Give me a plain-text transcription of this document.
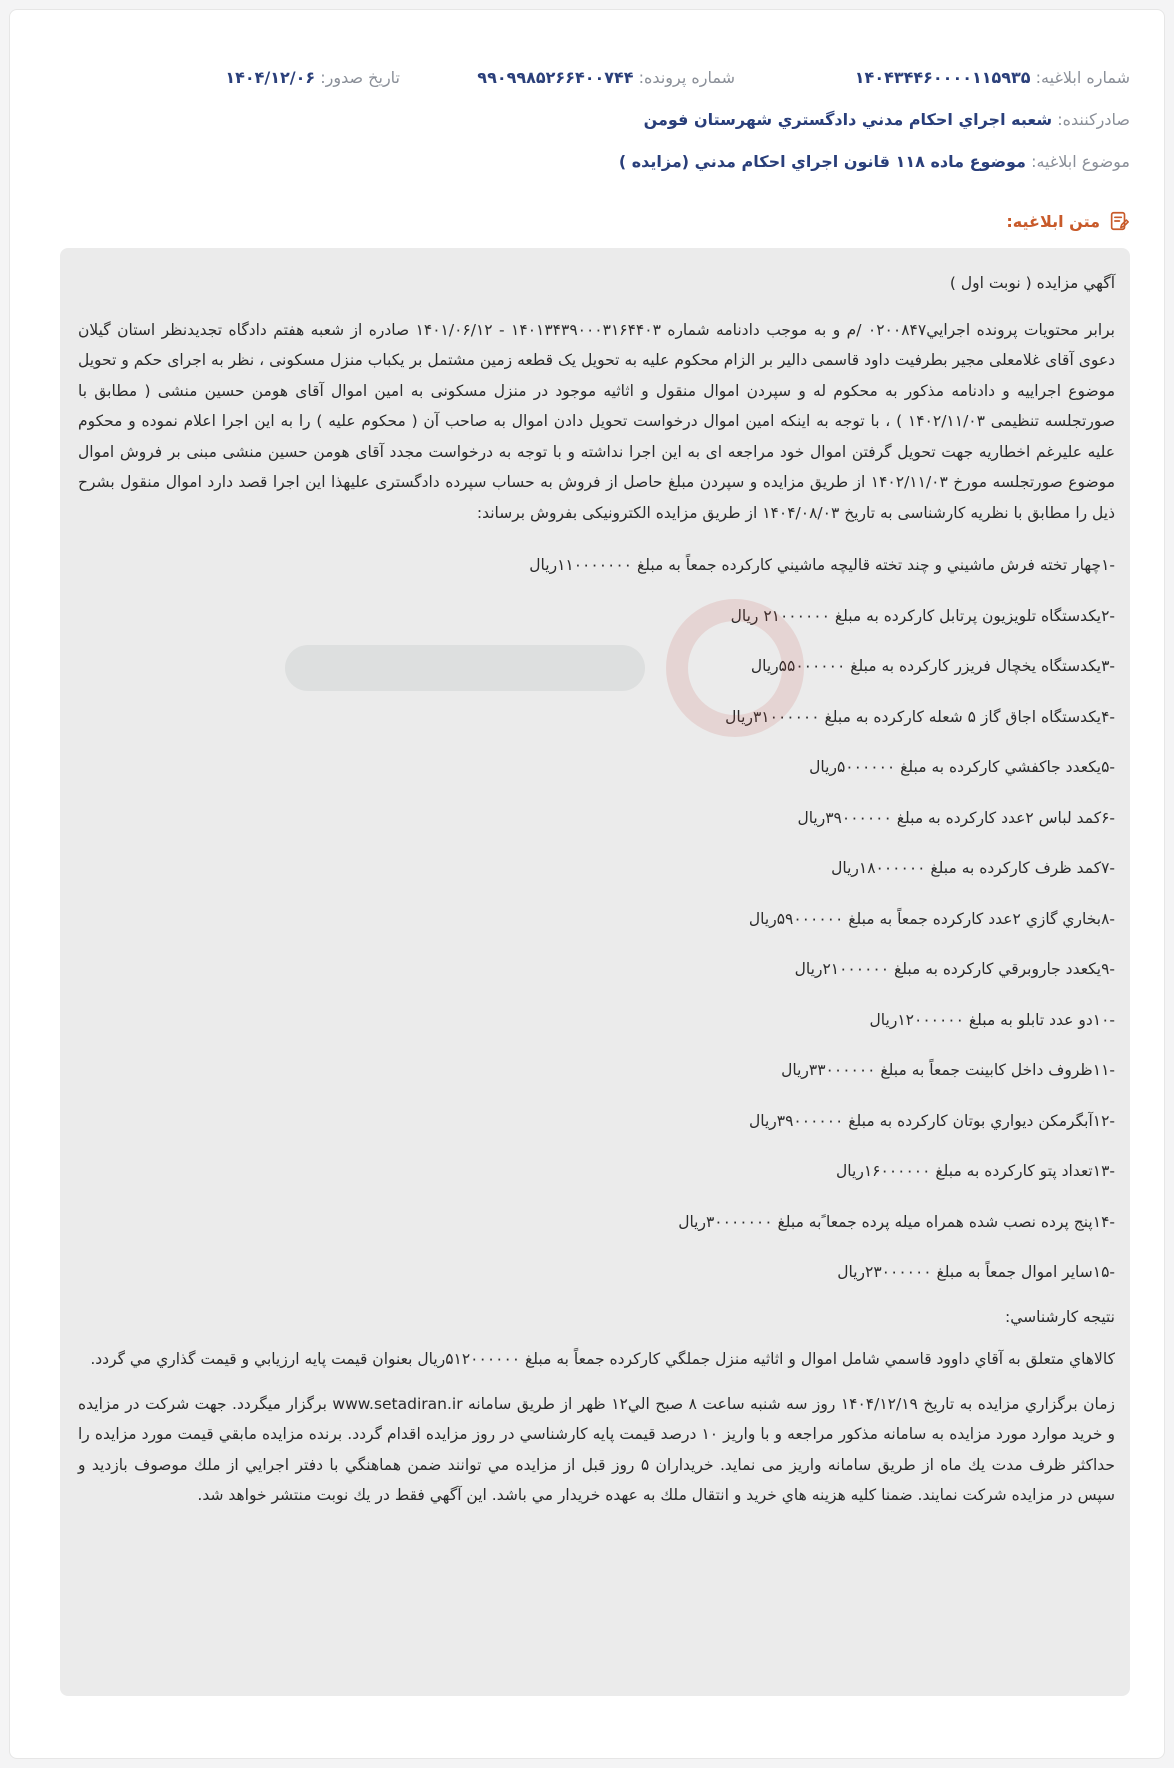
شماره ابلاغیه: ۱۴۰۴۳۴۴۶۰۰۰۰۱۱۵۹۳۵
شماره پرونده: ۹۹۰۹۹۸۵۲۶۶۴۰۰۷۴۴
تاریخ صدور: ۱۴۰۴/۱۲/۰۶
صادرکننده: شعبه اجراي احكام مدني دادگستري شهرستان فومن
موضوع ابلاغیه: موضوع ماده ۱۱۸ قانون اجراي احكام مدني (مزايده )
متن ابلاغیه:

آگهي مزايده ( نوبت اول )

برابر محتويات پرونده اجرايي۰۲۰۰۸۴۷ /م و به موجب دادنامه شماره ۱۴۰۱۳۴۳۹۰۰۰۳۱۶۴۴۰۳ - ۱۴۰۱/۰۶/۱۲ صادره از شعبه هفتم دادگاه تجدیدنظر استان گیلان دعوی آقای غلامعلی مجیر بطرفیت داود قاسمی دالیر بر الزام محکوم علیه به تحویل یک قطعه زمین مشتمل بر یکباب منزل مسکونی ، نظر به اجرای حکم و تحویل موضوع اجراییه و دادنامه مذکور به محکوم له و سپردن اموال منقول و اثاثیه موجود در منزل مسکونی به امین اموال آقای هومن حسین منشی ( مطابق با صورتجلسه تنظیمی ۱۴۰۲/۱۱/۰۳ ) ، با توجه به اینکه امین اموال درخواست تحویل دادن اموال به صاحب آن ( محکوم علیه ) را به این اجرا اعلام نموده و محکوم علیه علیرغم اخطاریه جهت تحویل گرفتن اموال خود مراجعه ای به این اجرا نداشته و با توجه به درخواست مجدد آقای هومن حسین منشی مبنی بر فروش اموال موضوع صورتجلسه مورخ ۱۴۰۲/۱۱/۰۳ از طریق مزایده و سپردن مبلغ حاصل از فروش به حساب سپرده دادگستری علیهذا این اجرا قصد دارد اموال منقول بشرح ذیل را مطابق با نظریه کارشناسی به تاریخ ۱۴۰۴/۰۸/۰۳ از طریق مزایده الکترونیکی بفروش برساند:

-۱چهار تخته فرش ماشيني و چند تخته قاليچه ماشيني كاركرده جمعاً به مبلغ ۱۱۰۰۰۰۰۰۰ريال

-۲يكدستگاه تلويزيون پرتابل كاركرده به مبلغ ۲۱۰۰۰۰۰۰ ريال

-۳يكدستگاه يخچال فريزر كاركرده به مبلغ ۵۵۰۰۰۰۰۰ريال

-۴يكدستگاه اجاق گاز ۵ شعله كاركرده به مبلغ ۳۱۰۰۰۰۰۰ريال

-۵يكعدد جاكفشي كاركرده به مبلغ ۵۰۰۰۰۰۰ريال

-۶كمد لباس ۲عدد كاركرده به مبلغ ۳۹۰۰۰۰۰۰ريال

-۷كمد ظرف كاركرده به مبلغ ۱۸۰۰۰۰۰۰ريال

-۸بخاري گازي ۲عدد كاركرده جمعاً به مبلغ ۵۹۰۰۰۰۰۰ريال

-۹يكعدد جاروبرقي كاركرده به مبلغ ۲۱۰۰۰۰۰۰ريال

-۱۰دو عدد تابلو به مبلغ ۱۲۰۰۰۰۰۰ريال

-۱۱ظروف داخل كابينت جمعاً به مبلغ ۳۳۰۰۰۰۰۰ريال

-۱۲آبگرمكن ديواري بوتان كاركرده به مبلغ ۳۹۰۰۰۰۰۰ريال

-۱۳تعداد پتو كاركرده به مبلغ ۱۶۰۰۰۰۰۰ريال

-۱۴پنج پرده نصب شده همراه ميله پرده جمعا ًبه مبلغ ۳۰۰۰۰۰۰۰ريال

-۱۵ساير اموال جمعاً به مبلغ ۲۳۰۰۰۰۰۰ريال

نتيجه كارشناسي:

كالاهاي متعلق به آقاي داوود قاسمي شامل اموال و اثاثيه منزل جملگي كاركرده جمعاً به مبلغ ۵۱۲۰۰۰۰۰۰ريال بعنوان قيمت پايه ارزيابي و قيمت گذاري مي گردد.

زمان برگزاري مزايده به تاريخ ۱۴۰۴/۱۲/۱۹ روز سه شنبه ساعت ۸ صبح الي۱۲ ظهر از طريق سامانه www.setadiran.ir برگزار ميگردد. جهت شركت در مزايده و خريد موارد مورد مزايده به سامانه مذكور مراجعه و با واريز ۱۰ درصد قيمت پايه كارشناسي در روز مزايده اقدام گردد. برنده مزايده مابقي قيمت مورد مزايده را حداكثر ظرف مدت يك ماه از طريق سامانه واريز می نمايد. خريداران ۵ روز قبل از مزايده مي توانند ضمن هماهنگي با دفتر اجرايي از ملك موصوف بازديد و سپس در مزايده شركت نمايند. ضمنا كليه هزينه هاي خريد و انتقال ملك به عهده خريدار مي باشد. اين آگهي فقط در يك نوبت منتشر خواهد شد.
